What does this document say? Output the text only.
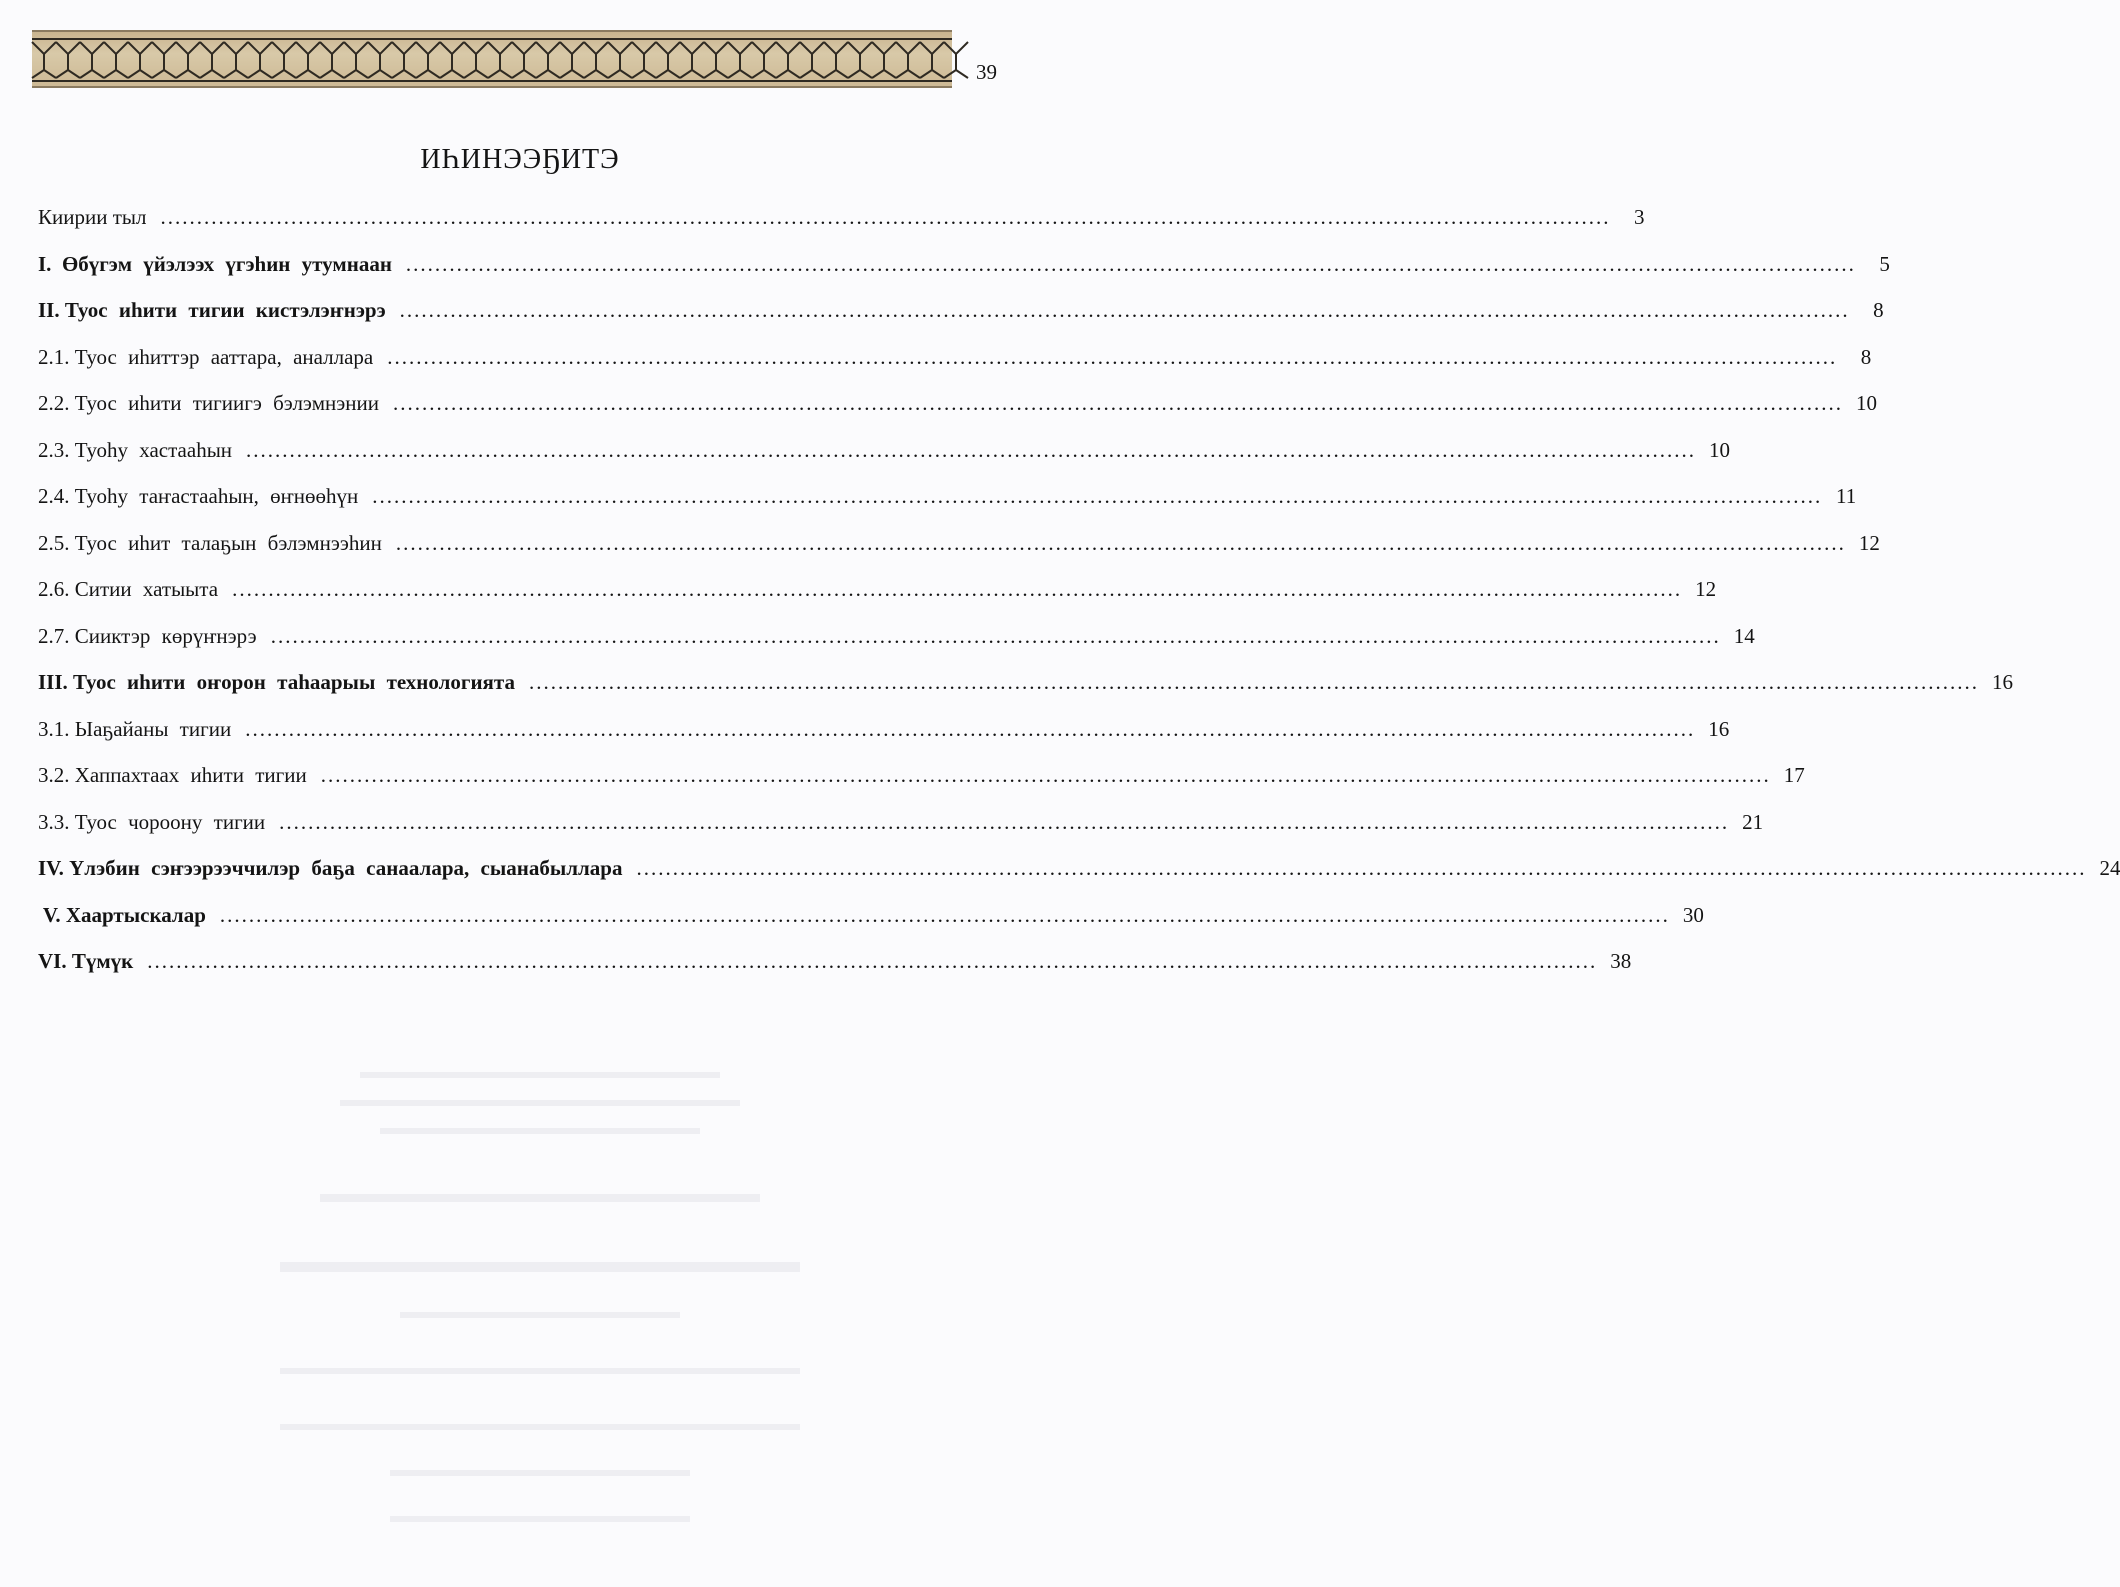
39
ИҺИНЭЭҔИТЭ
Киирии тыл ........................................................................................................................................................................................................	3
I. Өбүгэм үйэлээх үгэһин утумнаан ........................................................................................................................................................................................................	5
II. Туос иһити тигии кистэлэҥнэрэ ........................................................................................................................................................................................................	8
2.1. Туос иһиттэр ааттара, аналлара ........................................................................................................................................................................................................	8
2.2. Туос иһити тигиигэ бэлэмнэнии ........................................................................................................................................................................................................ 10
2.3. Туоһу хастааһын ........................................................................................................................................................................................................ 10
2.4. Туоһу таҥастааһын, өҥнөөһүн ........................................................................................................................................................................................................ 11
2.5. Туос иһит талаҕын бэлэмнээһин ........................................................................................................................................................................................................ 12
2.6. Ситии хатыыта ........................................................................................................................................................................................................ 12
2.7. Сииктэр көрүҥнэрэ ........................................................................................................................................................................................................ 14
III. Туос иһити оҥорон таһаарыы технологията ........................................................................................................................................................................................................ 16
3.1. Ыаҕайаны тигии ........................................................................................................................................................................................................ 16
3.2. Хаппахтаах иһити тигии ........................................................................................................................................................................................................ 17
3.3. Туос чороону тигии ........................................................................................................................................................................................................ 21
IV. Үлэбин сэҥээрээччилэр баҕа санаалара, сыанабыллара ........................................................................................................................................................................................................ 24
V. Хаартыскалар ........................................................................................................................................................................................................ 30
VI. Түмүк ........................................................................................................................................................................................................ 38
